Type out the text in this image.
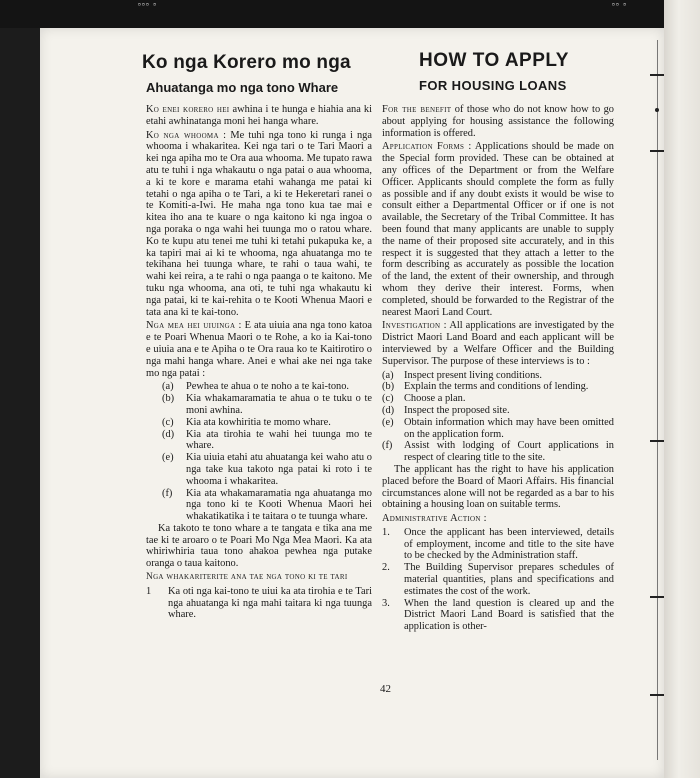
ᴮᴮᴮ ᴮ	ᴮᴮ ᴮ
Ko nga Korero mo nga
Ahuatanga mo nga tono Whare

Ko enei korero hei awhina i te hunga e hiahia ana ki etahi awhinatanga moni hei hanga whare.

Ko nga whooma : Me tuhi nga tono ki runga i nga whooma i whakaritea. Kei nga tari o te Tari Maori a kei nga apiha mo te Ora aua whooma. Me tupato rawa atu te tuhi i nga whakautu o nga patai o aua whooma, a ki te kore e marama etahi wahanga me patai ki tetahi o nga apiha o te Tari, a ki te Hekeretari ranei o te Komiti-a-Iwi. He maha nga tono kua tae mai e kitea iho ana te kuare o nga kaitono ki nga ingoa o nga poraka o nga wahi hei tuunga mo o ratou whare. Ko te kupu atu tenei me tuhi ki tetahi pukapuka ke, a ka tapiri mai ai ki te whooma, nga ahuatanga mo te tekihana hei tuunga whare, te rahi o taua wahi, te wahi kei reira, a te rahi o nga paanga o te kaitono. Me tuku nga whooma, ana oti, te tuhi nga whakautu ki nga patai, ki te kai-rehita o te Kooti Whenua Maori e tata ana ki te kai-tono.

Nga mea hei uiuinga : E ata uiuia ana nga tono katoa e te Poari Whenua Maori o te Rohe, a ko ia Kai-tono e uiuia ana e te Apiha o te Ora raua ko te Kaitirotiro o nga mahi hanga whare. Anei e whai ake nei nga take mo nga patai :

(a) Pewhea te ahua o te noho a te kai-tono.
(b) Kia whakamaramatia te ahua o te tuku o te moni awhina.
(c) Kia ata kowhiritia te momo whare.
(d) Kia ata tirohia te wahi hei tuunga mo te whare.
(e) Kia uiuia etahi atu ahuatanga kei waho atu o nga take kua takoto nga patai ki roto i te whooma i whakaritea.
(f) Kia ata whakamaramatia nga ahuatanga mo nga tono ki te Kooti Whenua Maori hei whakatikatika i te taitara o te tuunga whare.

Ka takoto te tono whare a te tangata e tika ana me tae ki te aroaro o te Poari Mo Nga Mea Maori. Ka ata whiriwhiria taua tono ahakoa pewhea nga putake oranga o taua kaitono.

Nga whakariterite ana tae nga tono ki te tari

1 Ka oti nga kai-tono te uiui ka ata tirohia e te Tari nga ahuatanga ki nga mahi taitara ki nga tuunga whare.
HOW TO APPLY
FOR HOUSING LOANS

For the benefit of those who do not know how to go about applying for housing assistance the following information is offered.

Application Forms : Applications should be made on the Special form provided. These can be obtained at any offices of the Department or from the Welfare Officer. Applicants should complete the form as fully as possible and if any doubt exists it would be wise to consult either a Departmental Officer or if one is not available, the Secretary of the Tribal Committee. It has been found that many applicants are unable to supply the name of their proposed site accurately, and in this respect it is suggested that they attach a letter to the form describing as accurately as possible the location of the land, the extent of their ownership, and through whom they derive their interest. Forms, when completed, should be forwarded to the Registrar of the nearest Maori Land Court.

Investigation : All applications are investigated by the District Maori Land Board and each applicant will be interviewed by a Welfare Officer and the Building Supervisor. The purpose of these interviews is to :

(a) Inspect present living conditions.
(b) Explain the terms and conditions of lending.
(c) Choose a plan.
(d) Inspect the proposed site.
(e) Obtain information which may have been omitted on the application form.
(f) Assist with lodging of Court applications in respect of clearing title to the site.

The applicant has the right to have his application placed before the Board of Maori Affairs. His financial circumstances alone will not be regarded as a bar to his obtaining a housing loan on suitable terms.

Administrative Action :

1. Once the applicant has been interviewed, details of employment, income and title to the site have to be checked by the Administration staff.
2. The Building Supervisor prepares schedules of material quantities, plans and specifications and estimates the cost of the work.
3. When the land question is cleared up and the District Maori Land Board is satisfied that the application is other-
42
